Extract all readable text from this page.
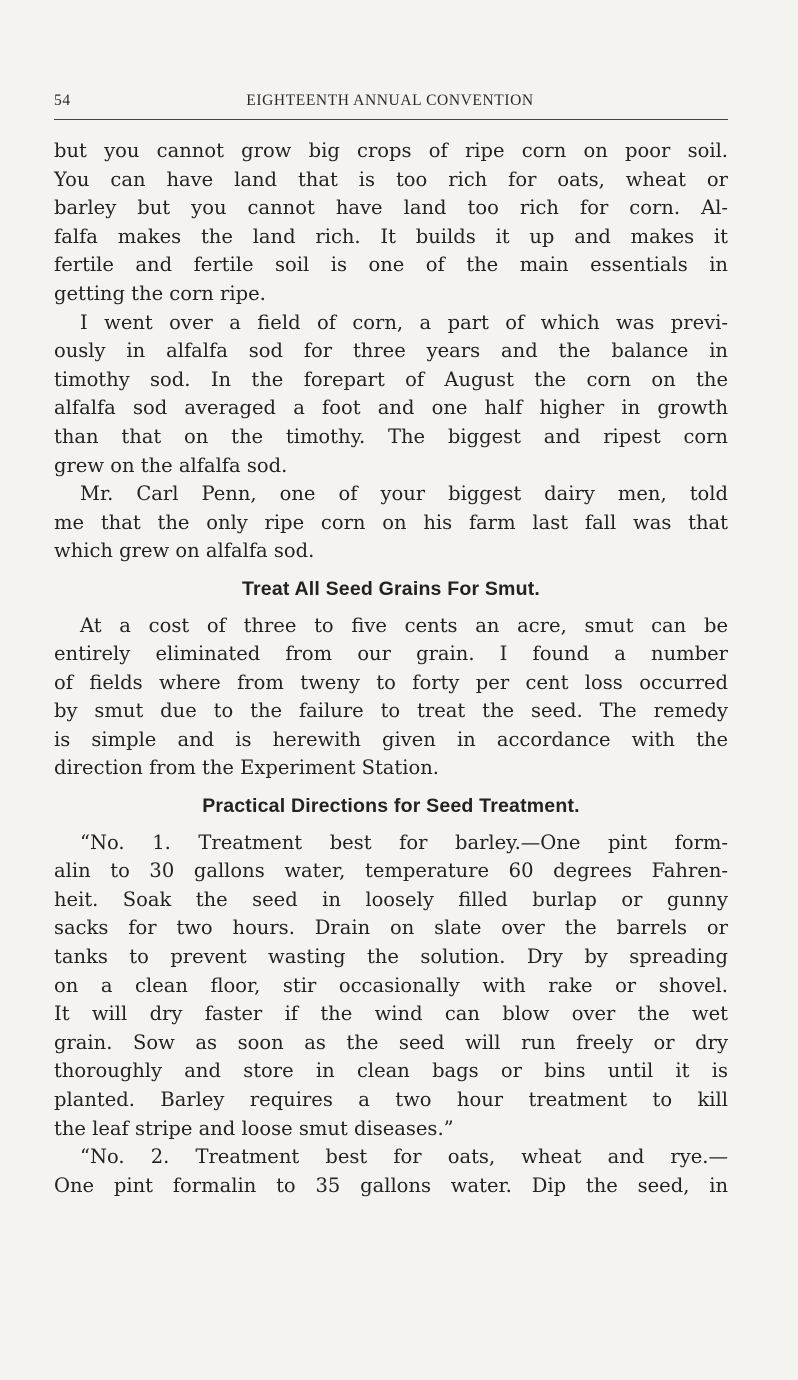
54	EIGHTEENTH ANNUAL CONVENTION
but you cannot grow big crops of ripe corn on poor soil.
You can have land that is too rich for oats, wheat or
barley but you cannot have land too rich for corn. Al-
falfa makes the land rich. It builds it up and makes it
fertile and fertile soil is one of the main essentials in
getting the corn ripe.
I went over a field of corn, a part of which was previ-
ously in alfalfa sod for three years and the balance in
timothy sod. In the forepart of August the corn on the
alfalfa sod averaged a foot and one half higher in growth
than that on the timothy. The biggest and ripest corn
grew on the alfalfa sod.
Mr. Carl Penn, one of your biggest dairy men, told
me that the only ripe corn on his farm last fall was that
which grew on alfalfa sod.
Treat All Seed Grains For Smut.
At a cost of three to five cents an acre, smut can be
entirely eliminated from our grain. I found a number
of fields where from tweny to forty per cent loss occurred
by smut due to the failure to treat the seed. The remedy
is simple and is herewith given in accordance with the
direction from the Experiment Station.
Practical Directions for Seed Treatment.
“No. 1. Treatment best for barley.—One pint form-
alin to 30 gallons water, temperature 60 degrees Fahren-
heit. Soak the seed in loosely filled burlap or gunny
sacks for two hours. Drain on slate over the barrels or
tanks to prevent wasting the solution. Dry by spreading
on a clean floor, stir occasionally with rake or shovel.
It will dry faster if the wind can blow over the wet
grain. Sow as soon as the seed will run freely or dry
thoroughly and store in clean bags or bins until it is
planted. Barley requires a two hour treatment to kill
the leaf stripe and loose smut diseases.”
“No. 2. Treatment best for oats, wheat and rye.—
One pint formalin to 35 gallons water. Dip the seed, in
